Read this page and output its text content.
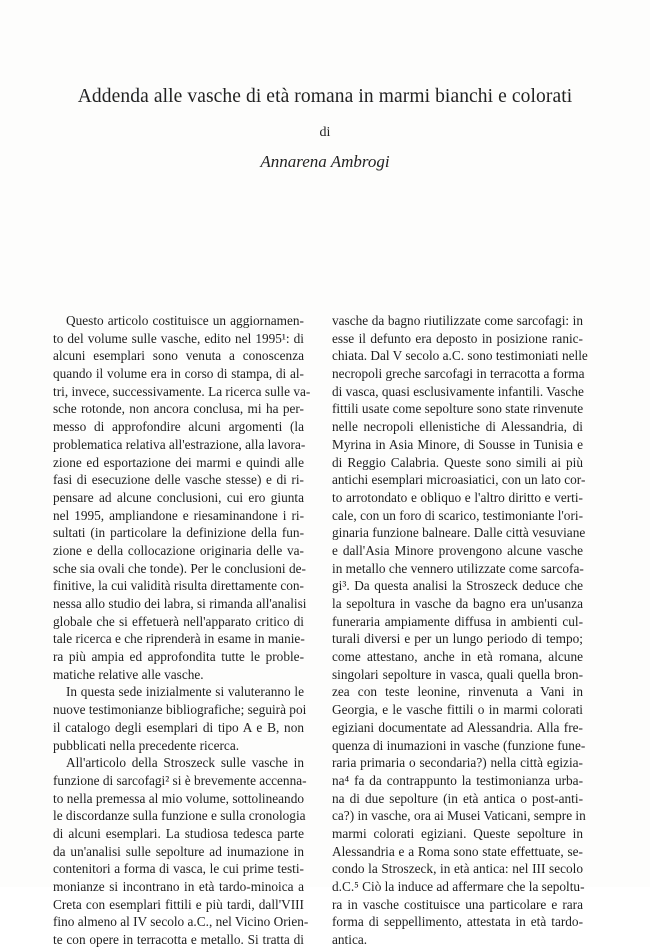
Addenda alle vasche di età romana in marmi bianchi e colorati
di
Annarena Ambrogi
Questo articolo costituisce un aggiornamen-
to del volume sulle vasche, edito nel 1995¹: di
alcuni esemplari sono venuta a conoscenza
quando il volume era in corso di stampa, di al-
tri, invece, successivamente. La ricerca sulle va-
sche rotonde, non ancora conclusa, mi ha per-
messo di approfondire alcuni argomenti (la
problematica relativa all'estrazione, alla lavora-
zione ed esportazione dei marmi e quindi alle
fasi di esecuzione delle vasche stesse) e di ri-
pensare ad alcune conclusioni, cui ero giunta
nel 1995, ampliandone e riesaminandone i ri-
sultati (in particolare la definizione della fun-
zione e della collocazione originaria delle va-
sche sia ovali che tonde). Per le conclusioni de-
finitive, la cui validità risulta direttamente con-
nessa allo studio dei labra, si rimanda all'analisi
globale che si effetuerà nell'apparato critico di
tale ricerca e che riprenderà in esame in manie-
ra più ampia ed approfondita tutte le proble-
matiche relative alle vasche.
In questa sede inizialmente si valuteranno le
nuove testimonianze bibliografiche; seguirà poi
il catalogo degli esemplari di tipo A e B, non
pubblicati nella precedente ricerca.
All'articolo della Stroszeck sulle vasche in
funzione di sarcofagi² si è brevemente accenna-
to nella premessa al mio volume, sottolineando
le discordanze sulla funzione e sulla cronologia
di alcuni esemplari. La studiosa tedesca parte
da un'analisi sulle sepolture ad inumazione in
contenitori a forma di vasca, le cui prime testi-
monianze si incontrano in età tardo-minoica a
Creta con esemplari fittili e più tardi, dall'VIII
fino almeno al IV secolo a.C., nel Vicino Orien-
te con opere in terracotta e metallo. Si tratta di
vasche da bagno riutilizzate come sarcofagi: in
esse il defunto era deposto in posizione ranic-
chiata. Dal V secolo a.C. sono testimoniati nelle
necropoli greche sarcofagi in terracotta a forma
di vasca, quasi esclusivamente infantili. Vasche
fittili usate come sepolture sono state rinvenute
nelle necropoli ellenistiche di Alessandria, di
Myrina in Asia Minore, di Sousse in Tunisia e
di Reggio Calabria. Queste sono simili ai più
antichi esemplari microasiatici, con un lato cor-
to arrotondato e obliquo e l'altro diritto e verti-
cale, con un foro di scarico, testimoniante l'ori-
ginaria funzione balneare. Dalle città vesuviane
e dall'Asia Minore provengono alcune vasche
in metallo che vennero utilizzate come sarcofa-
gi³. Da questa analisi la Stroszeck deduce che
la sepoltura in vasche da bagno era un'usanza
funeraria ampiamente diffusa in ambienti cul-
turali diversi e per un lungo periodo di tempo;
come attestano, anche in età romana, alcune
singolari sepolture in vasca, quali quella bron-
zea con teste leonine, rinvenuta a Vani in
Georgia, e le vasche fittili o in marmi colorati
egiziani documentate ad Alessandria. Alla fre-
quenza di inumazioni in vasche (funzione fune-
raria primaria o secondaria?) nella città egizia-
na⁴ fa da contrappunto la testimonianza urba-
na di due sepolture (in età antica o post-anti-
ca?) in vasche, ora ai Musei Vaticani, sempre in
marmi colorati egiziani. Queste sepolture in
Alessandria e a Roma sono state effettuate, se-
condo la Stroszeck, in età antica: nel III secolo
d.C.⁵ Ciò la induce ad affermare che la sepoltu-
ra in vasche costituisce una particolare e rara
forma di seppellimento, attestata in età tardo-
antica.
